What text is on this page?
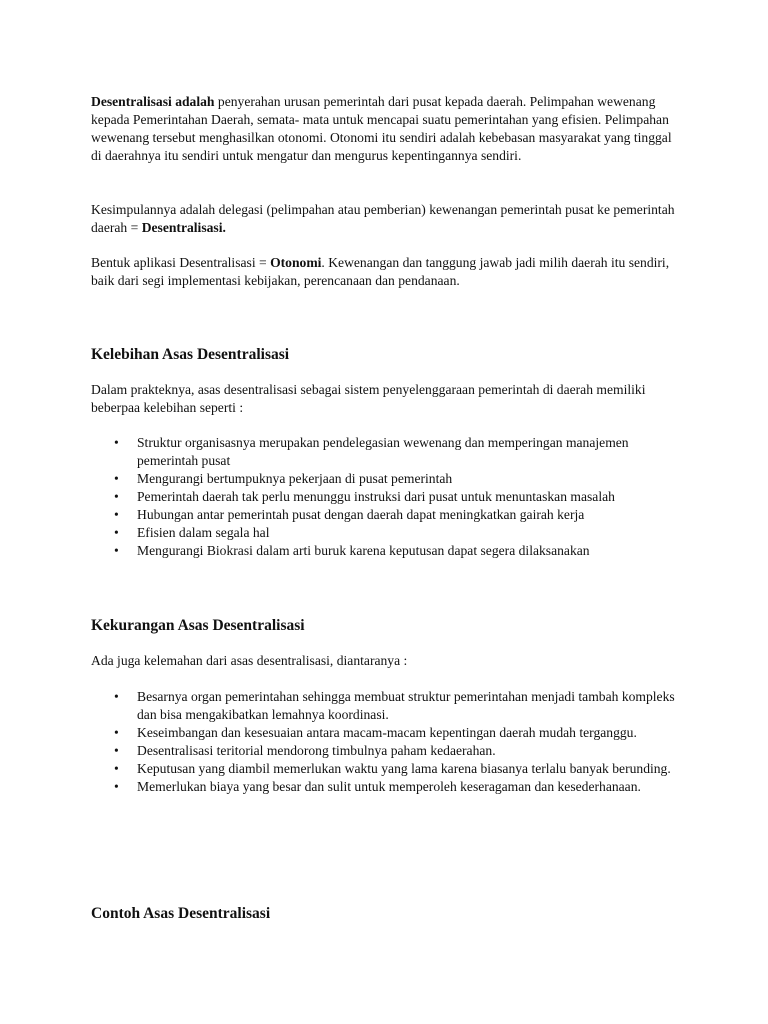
Desentralisasi adalah penyerahan urusan pemerintah dari pusat kepada daerah. Pelimpahan wewenang kepada Pemerintahan Daerah, semata- mata untuk mencapai suatu pemerintahan yang efisien. Pelimpahan wewenang tersebut menghasilkan otonomi. Otonomi itu sendiri adalah kebebasan masyarakat yang tinggal di daerahnya itu sendiri untuk mengatur dan mengurus kepentingannya sendiri.

Kesimpulannya adalah delegasi (pelimpahan atau pemberian) kewenangan pemerintah pusat ke pemerintah daerah = Desentralisasi.

Bentuk aplikasi Desentralisasi = Otonomi. Kewenangan dan tanggung jawab jadi milih daerah itu sendiri, baik dari segi implementasi kebijakan, perencanaan dan pendanaan.

Kelebihan Asas Desentralisasi

Dalam prakteknya, asas desentralisasi sebagai sistem penyelenggaraan pemerintah di daerah memiliki beberpaa kelebihan seperti :

• Struktur organisasnya merupakan pendelegasian wewenang dan memperingan manajemen pemerintah pusat
• Mengurangi bertumpuknya pekerjaan di pusat pemerintah
• Pemerintah daerah tak perlu menunggu instruksi dari pusat untuk menuntaskan masalah
• Hubungan antar pemerintah pusat dengan daerah dapat meningkatkan gairah kerja
• Efisien dalam segala hal
• Mengurangi Biokrasi dalam arti buruk karena keputusan dapat segera dilaksanakan
Kekurangan Asas Desentralisasi

Ada juga kelemahan dari asas desentralisasi, diantaranya :

• Besarnya organ pemerintahan sehingga membuat struktur pemerintahan menjadi tambah kompleks dan bisa mengakibatkan lemahnya koordinasi.
• Keseimbangan dan kesesuaian antara macam-macam kepentingan daerah mudah terganggu.
• Desentralisasi teritorial mendorong timbulnya paham kedaerahan.
• Keputusan yang diambil memerlukan waktu yang lama karena biasanya terlalu banyak berunding.
• Memerlukan biaya yang besar dan sulit untuk memperoleh keseragaman dan kesederhanaan.
Contoh Asas Desentralisasi
